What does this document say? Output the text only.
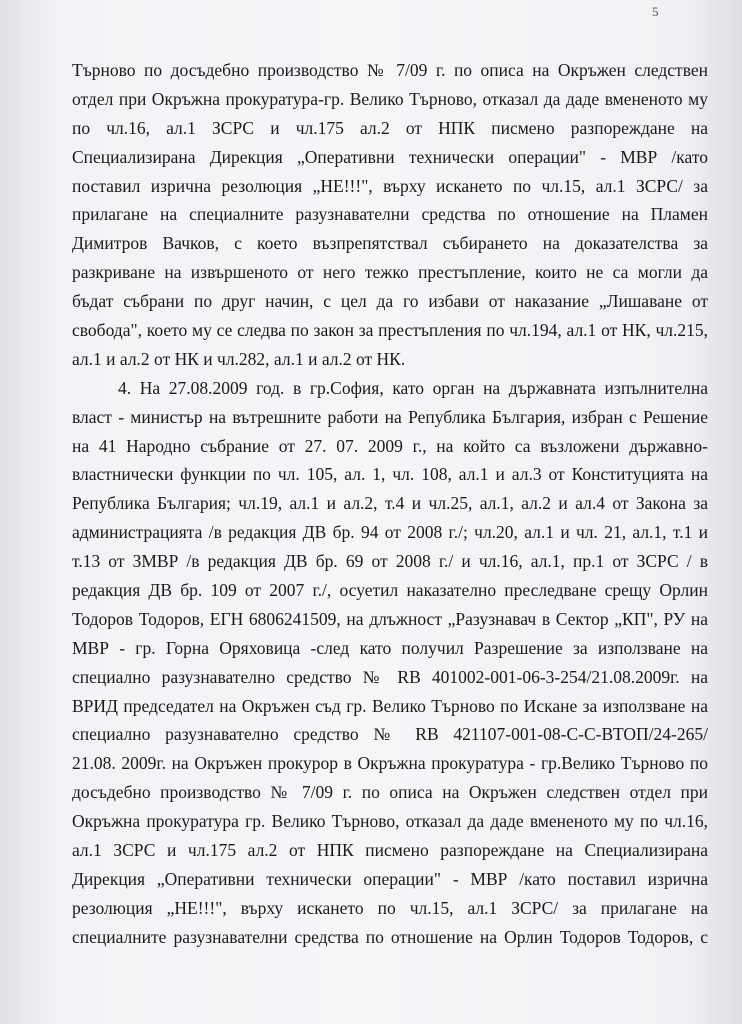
5
Търново по досъдебно производство № 7/09 г. по описа на Окръжен следствен
отдел при Окръжна прокуратура-гр. Велико Търново, отказал да даде вмененото му
по чл.16, ал.1 ЗСРС и чл.175 ал.2 от НПК писмено разпореждане на
Специализирана Дирекция „Оперативни технически операции" - МВР /като
поставил изрична резолюция „НЕ!!!", върху искането по чл.15, ал.1 ЗСРС/ за
прилагане на специалните разузнавателни средства по отношение на Пламен
Димитров Вачков, с което възпрепятствал събирането на доказателства за
разкриване на извършеното от него тежко престъпление, които не са могли да
бъдат събрани по друг начин, с цел да го избави от наказание „Лишаване от
свобода", което му се следва по закон за престъпления по чл.194, ал.1 от НК, чл.215,
ал.1 и ал.2 от НК и чл.282, ал.1 и ал.2 от НК.
4. На 27.08.2009 год. в гр.София, като орган на държавната изпълнителна
власт - министър на вътрешните работи на Република България, избран с Решение
на 41 Народно събрание от 27. 07. 2009 г., на който са възложени държавно-
властнически функции по чл. 105, ал. 1, чл. 108, ал.1 и ал.3 от Конституцията на
Република България; чл.19, ал.1 и ал.2, т.4 и чл.25, ал.1, ал.2 и ал.4 от Закона за
администрацията /в редакция ДВ бр. 94 от 2008 г./; чл.20, ал.1 и чл. 21, ал.1, т.1 и
т.13 от ЗМВР /в редакция ДВ бр. 69 от 2008 г./ и чл.16, ал.1, пр.1 от ЗСРС / в
редакция ДВ бр. 109 от 2007 г./, осуетил наказателно преследване срещу Орлин
Тодоров Тодоров, ЕГН 6806241509, на длъжност „Разузнавач в Сектор „КП", РУ на
МВР - гр. Горна Оряховица -след като получил Разрешение за използване на
специално разузнавателно средство № RB 401002-001-06-3-254/21.08.2009г. на
ВРИД председател на Окръжен съд гр. Велико Търново по Искане за използване на
специално разузнавателно средство № RB 421107-001-08-С-С-ВТОП/24-265/
21.08. 2009г. на Окръжен прокурор в Окръжна прокуратура - гр.Велико Търново по
досъдебно производство № 7/09 г. по описа на Окръжен следствен отдел при
Окръжна прокуратура гр. Велико Търново, отказал да даде вмененото му по чл.16,
ал.1 ЗСРС и чл.175 ал.2 от НПК писмено разпореждане на Специализирана
Дирекция „Оперативни технически операции" - МВР /като поставил изрична
резолюция „НЕ!!!", върху искането по чл.15, ал.1 ЗСРС/ за прилагане на
специалните разузнавателни средства по отношение на Орлин Тодоров Тодоров, с
